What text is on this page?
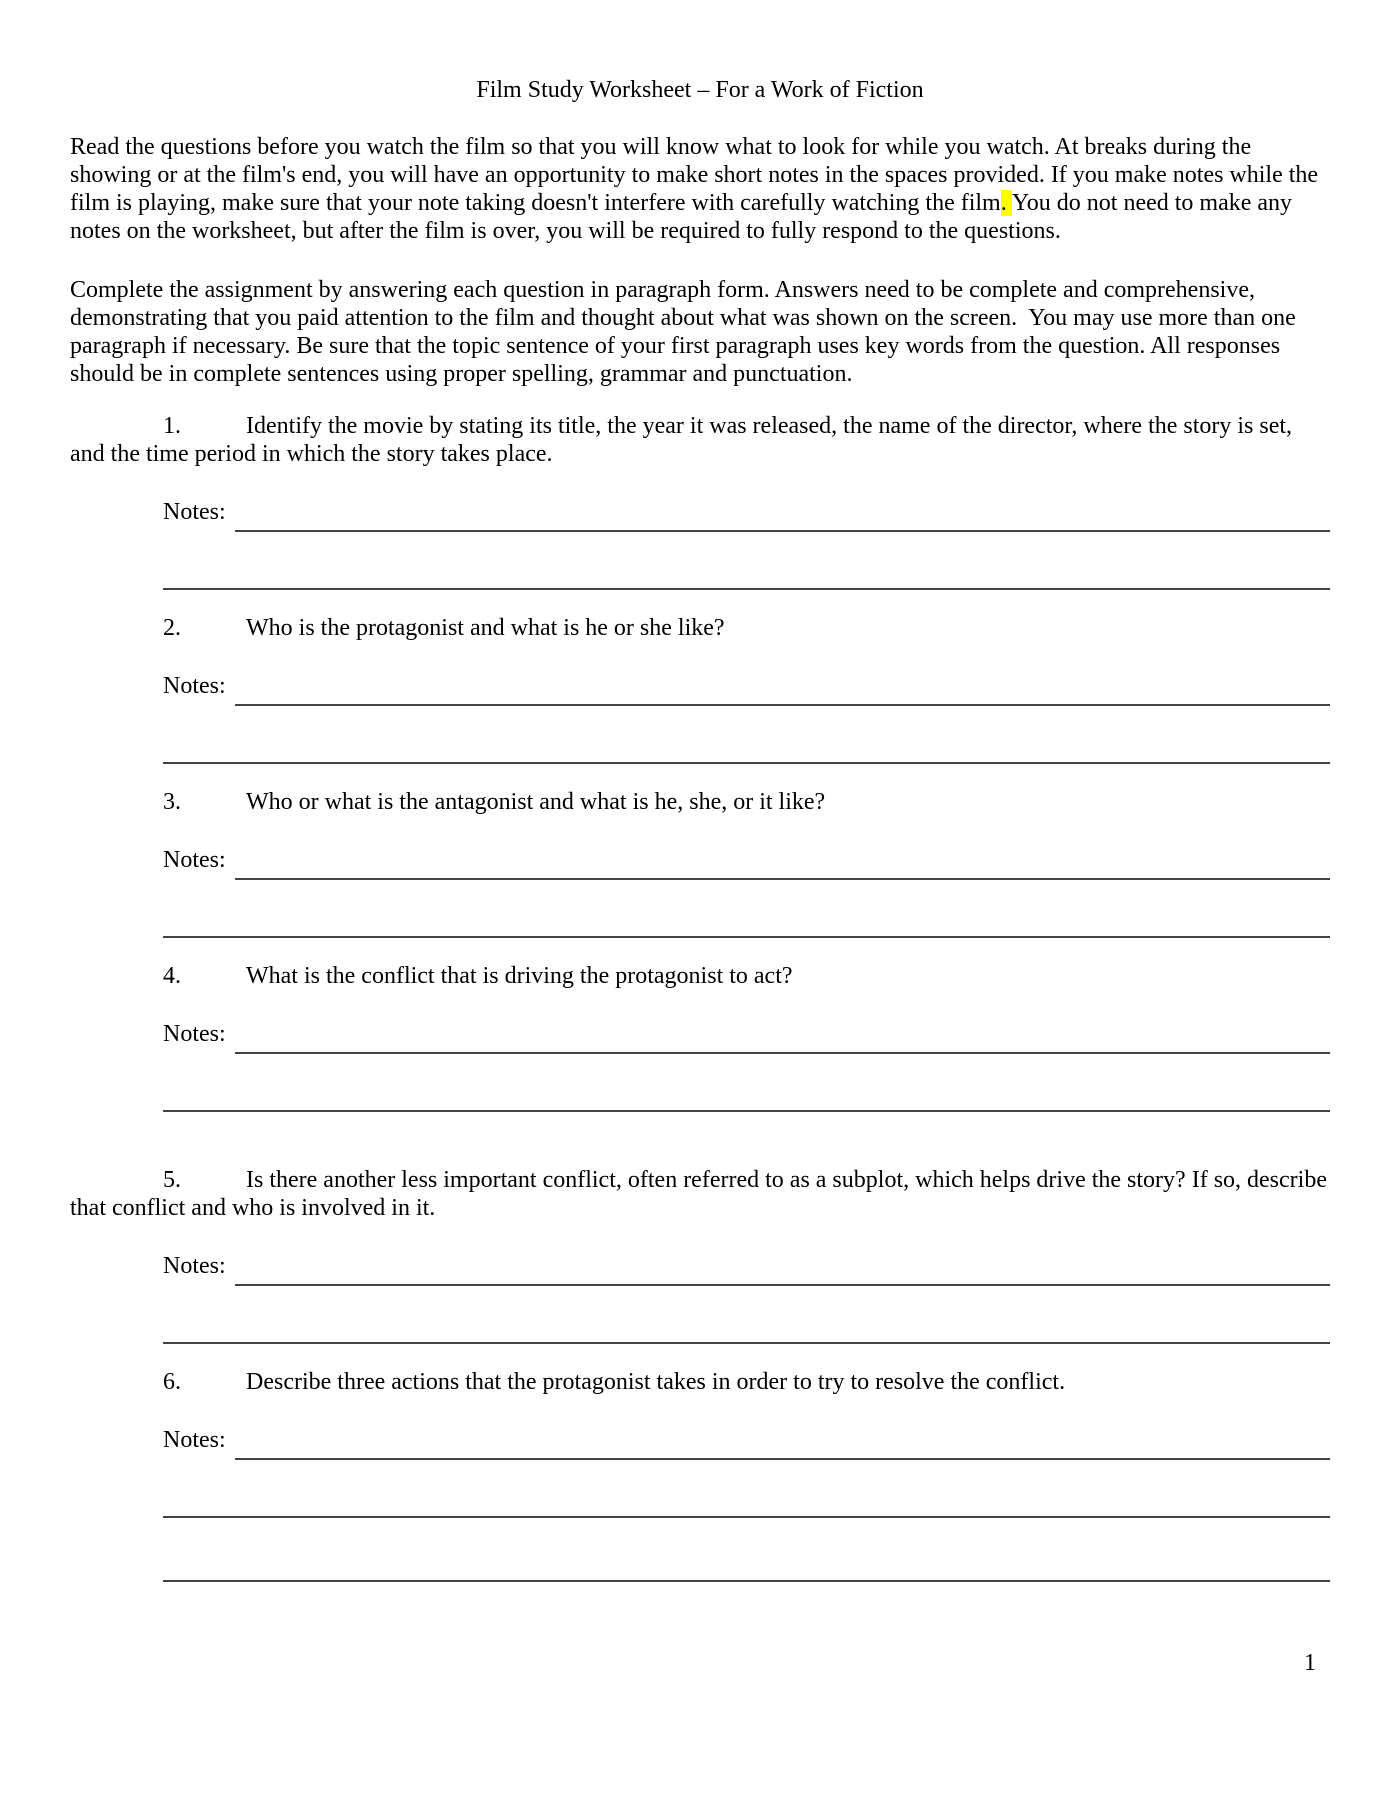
Film Study Worksheet – For a Work of Fiction

Read the questions before you watch the film so that you will know what to look for while you watch. At breaks during the showing or at the film's end, you will have an opportunity to make short notes in the spaces provided. If you make notes while the film is playing, make sure that your note taking doesn't interfere with carefully watching the film. You do not need to make any notes on the worksheet, but after the film is over, you will be required to fully respond to the questions.

Complete the assignment by answering each question in paragraph form. Answers need to be complete and comprehensive, demonstrating that you paid attention to the film and thought about what was shown on the screen.  You may use more than one paragraph if necessary. Be sure that the topic sentence of your first paragraph uses key words from the question. All responses should be in complete sentences using proper spelling, grammar and punctuation.

1.	Identify the movie by stating its title, the year it was released, the name of the director, where the story is set, and the time period in which the story takes place.

Notes:

2.	Who is the protagonist and what is he or she like?

Notes:

3.	Who or what is the antagonist and what is he, she, or it like?

Notes:

4.	What is the conflict that is driving the protagonist to act?

Notes:

5.	Is there another less important conflict, often referred to as a subplot, which helps drive the story? If so, describe that conflict and who is involved in it.

Notes:

6.	Describe three actions that the protagonist takes in order to try to resolve the conflict.

Notes:
1
